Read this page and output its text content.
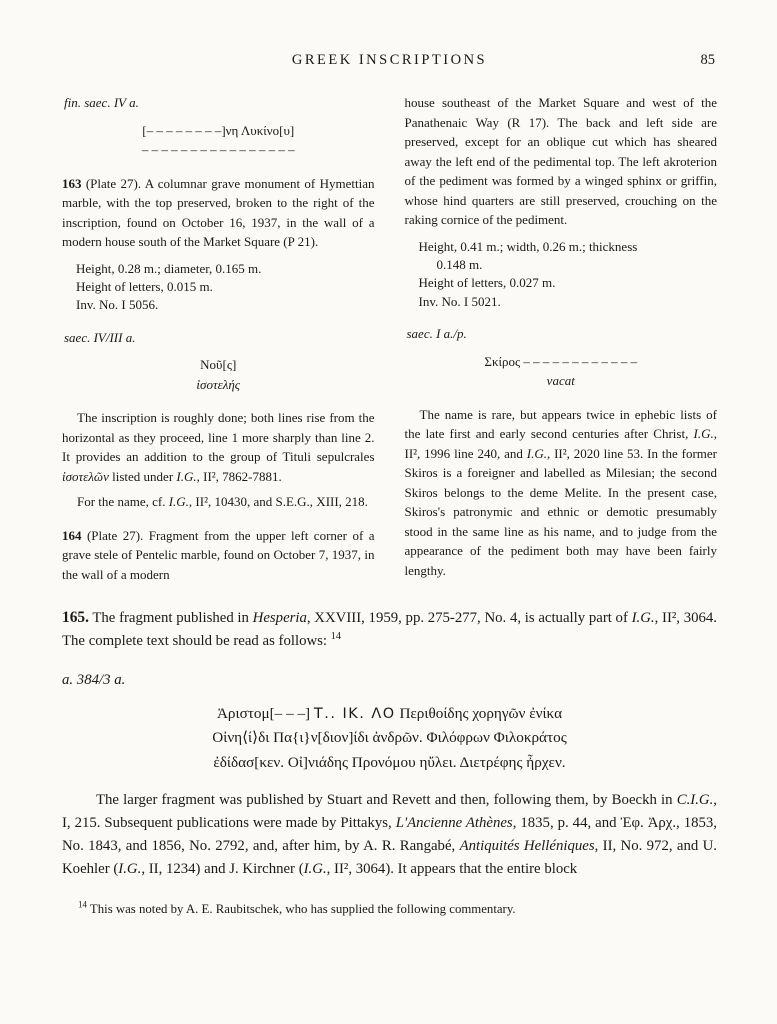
GREEK INSCRIPTIONS	85

fin. saec. IV a.

[– – – – – – – –]νη Λυκίνο[υ]
– – – – – – – – – – – – – – – –

163 (Plate 27). A columnar grave monument of Hymettian marble, with the top preserved, broken to the right of the inscription, found on October 16, 1937, in the wall of a modern house south of the Market Square (P 21).

Height, 0.28 m.; diameter, 0.165 m.
Height of letters, 0.015 m.
Inv. No. I 5056.

saec. IV/III a.

Νοῦ[ς]
ἰσοτελής

The inscription is roughly done; both lines rise from the horizontal as they proceed, line 1 more sharply than line 2. It provides an addition to the group of Tituli sepulcrales ἰσοτελῶν listed under I.G., II², 7862-7881.

For the name, cf. I.G., II², 10430, and S.E.G., XIII, 218.

164 (Plate 27). Fragment from the upper left corner of a grave stele of Pentelic marble, found on October 7, 1937, in the wall of a modern

house southeast of the Market Square and west of the Panathenaic Way (R 17). The back and left side are preserved, except for an oblique cut which has sheared away the left end of the pedimental top. The left akroterion of the pediment was formed by a winged sphinx or griffin, whose hind quarters are still preserved, crouching on the raking cornice of the pediment.

Height, 0.41 m.; width, 0.26 m.; thickness
0.148 m.
Height of letters, 0.027 m.
Inv. No. I 5021.

saec. I a./p.

Σκίρος – – – – – – – – – – – –
vacat

The name is rare, but appears twice in ephebic lists of the late first and early second centuries after Christ, I.G., II², 1996 line 240, and I.G., II², 2020 line 53. In the former Skiros is a foreigner and labelled as Milesian; the second Skiros belongs to the deme Melite. In the present case, Skiros's patronymic and ethnic or demotic presumably stood in the same line as his name, and to judge from the appearance of the pediment both may have been fairly lengthy.

165. The fragment published in Hesperia, XXVIII, 1959, pp. 275-277, No. 4, is actually part of I.G., II², 3064. The complete text should be read as follows: $^{14}$

a. 384/3 a.

Ἀριστομ[– – –] Τ.. ΙΚ. ΛΟ Περιθοίδης χορηγῶν ἐνίκα
Οἰνη⟨ί⟩δι Πα{ι}ν[διον]ίδι ἀνδρῶν. Φιλόφρων Φιλοκράτος
ἐδίδασ[κεν. Οἰ]νιάδης Προνόμου ηὔλει. Διετρέφης ἦρχεν.

The larger fragment was published by Stuart and Revett and then, following them, by Boeckh in C.I.G., I, 215. Subsequent publications were made by Pittakys, L'Ancienne Athènes, 1835, p. 44, and Ἐφ. Ἀρχ., 1853, No. 1843, and 1856, No. 2792, and, after him, by A. R. Rangabé, Antiquités Helléniques, II, No. 972, and U. Koehler (I.G., II, 1234) and J. Kirchner (I.G., II², 3064). It appears that the entire block

$^{14}$ This was noted by A. E. Raubitschek, who has supplied the following commentary.
